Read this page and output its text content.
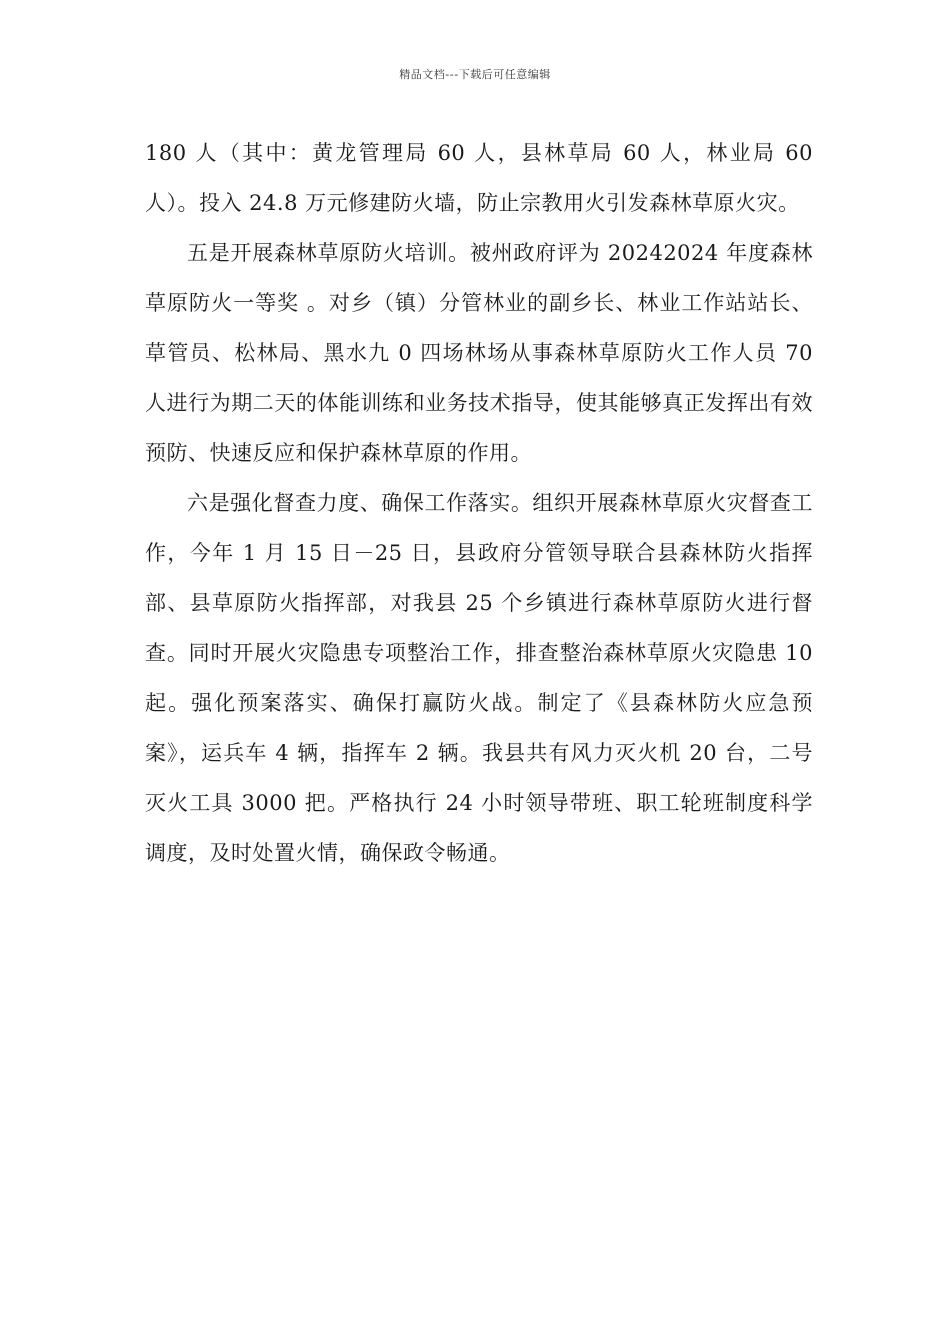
精品文档---下载后可任意编辑

180 人（其中：黄龙管理局 60 人，县林草局 60 人，林业局 60 人）。投入 24.8 万元修建防火墙，防止宗教用火引发森林草原火灾。

五是开展森林草原防火培训。被州政府评为 20242024 年度森林草原防火一等奖 。对乡（镇）分管林业的副乡长、林业工作站站长、草管员、松林局、黑水九 0 四场林场从事森林草原防火工作人员 70 人进行为期二天的体能训练和业务技术指导，使其能够真正发挥出有效预防、快速反应和保护森林草原的作用。

六是强化督查力度、确保工作落实。组织开展森林草原火灾督查工作，今年 1 月 15 日－25 日，县政府分管领导联合县森林防火指挥部、县草原防火指挥部，对我县 25 个乡镇进行森林草原防火进行督查。同时开展火灾隐患专项整治工作，排查整治森林草原火灾隐患 10 起。强化预案落实、确保打赢防火战。制定了《县森林防火应急预案》，运兵车 4 辆，指挥车 2 辆。我县共有风力灭火机 20 台，二号灭火工具 3000 把。严格执行 24 小时领导带班、职工轮班制度科学调度，及时处置火情，确保政令畅通。
